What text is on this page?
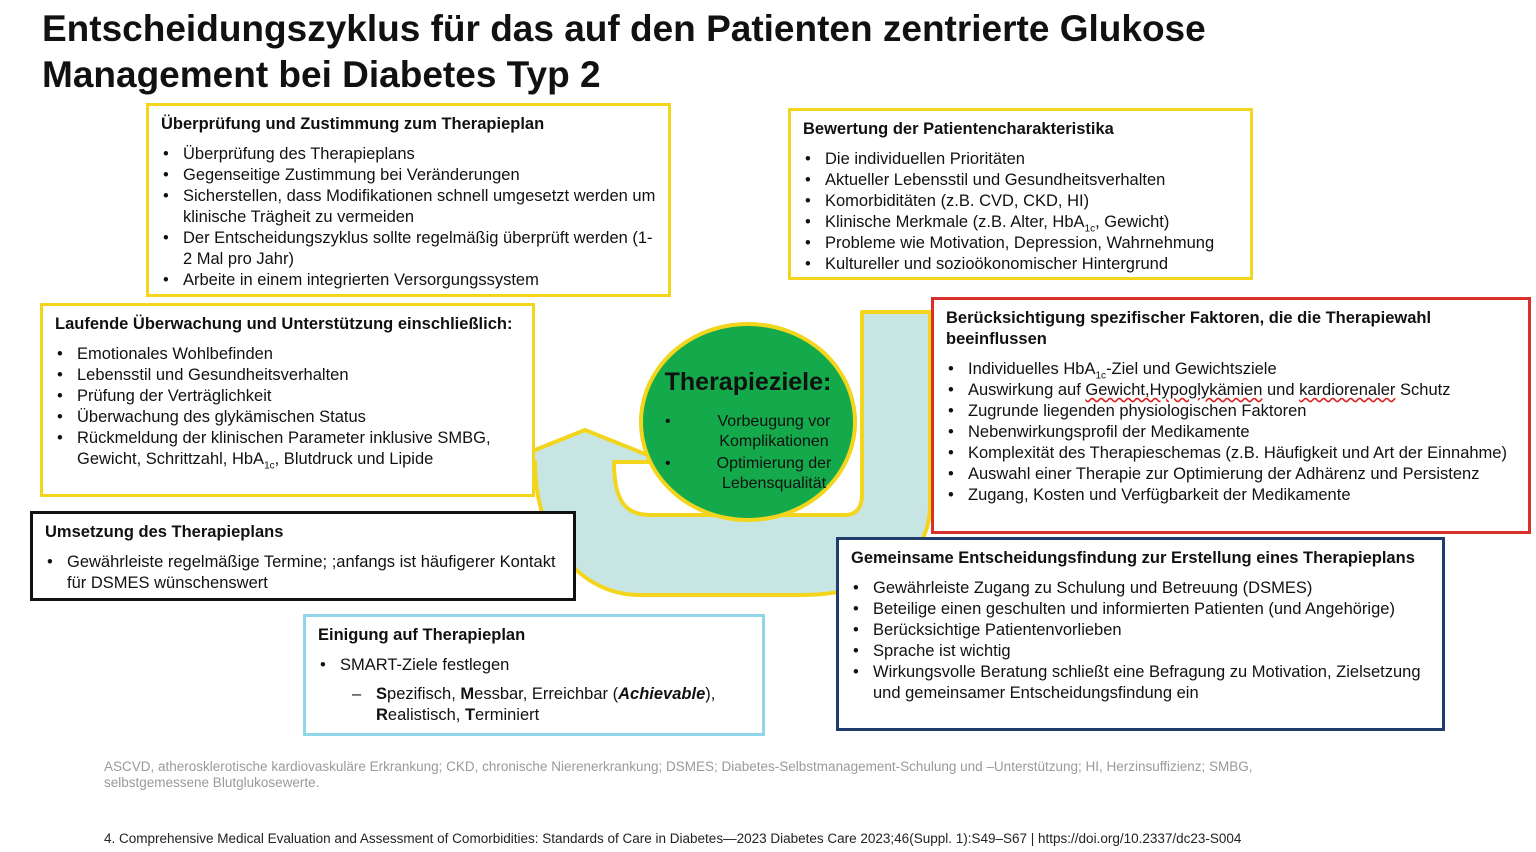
Entscheidungszyklus für das auf den Patienten zentrierte Glukose
Management bei Diabetes Typ 2
Überprüfung und Zustimmung zum Therapieplan
• Überprüfung des Therapieplans
• Gegenseitige Zustimmung bei Veränderungen
• Sicherstellen, dass Modifikationen schnell umgesetzt werden um klinische Trägheit zu vermeiden
• Der Entscheidungszyklus sollte regelmäßig überprüft werden (1-2 Mal pro Jahr)
• Arbeite in einem integrierten Versorgungssystem
Bewertung der Patientencharakteristika
• Die individuellen Prioritäten
• Aktueller Lebensstil und Gesundheitsverhalten
• Komorbiditäten (z.B. CVD, CKD, HI)
• Klinische Merkmale (z.B. Alter, HbA$_{1c}$, Gewicht)
• Probleme wie Motivation, Depression, Wahrnehmung
• Kultureller und sozioökonomischer Hintergrund
Laufende Überwachung und Unterstützung einschließlich:
• Emotionales Wohlbefinden
• Lebensstil und Gesundheitsverhalten
• Prüfung der Verträglichkeit
• Überwachung des glykämischen Status
• Rückmeldung der klinischen Parameter inklusive SMBG, Gewicht, Schrittzahl, HbA$_{1c}$, Blutdruck und Lipide
Berücksichtigung spezifischer Faktoren, die die Therapiewahl beeinflussen
• Individuelles HbA$_{1c}$-Ziel und Gewichtsziele
• Auswirkung auf Gewicht,Hypoglykämien und kardiorenaler Schutz
• Zugrunde liegenden physiologischen Faktoren
• Nebenwirkungsprofil der Medikamente
• Komplexität des Therapieschemas (z.B. Häufigkeit und Art der Einnahme)
• Auswahl einer Therapie zur Optimierung der Adhärenz und Persistenz
• Zugang, Kosten und Verfügbarkeit der Medikamente
Umsetzung des Therapieplans
• Gewährleiste regelmäßige Termine; ;anfangs ist häufigerer Kontakt für DSMES wünschenswert
Gemeinsame Entscheidungsfindung zur Erstellung eines Therapieplans
• Gewährleiste Zugang zu Schulung und Betreuung (DSMES)
• Beteilige einen geschulten und informierten Patienten (und Angehörige)
• Berücksichtige Patientenvorlieben
• Sprache ist wichtig
• Wirkungsvolle Beratung schließt eine Befragung zu Motivation, Zielsetzung und gemeinsamer Entscheidungsfindung ein
Einigung auf Therapieplan
• SMART-Ziele festlegen
– Spezifisch, Messbar, Erreichbar (Achievable),
Realistisch, Terminiert
Therapieziele:
• Vorbeugung vor Komplikationen
• Optimierung der Lebensqualität
ASCVD, atherosklerotische kardiovaskuläre Erkrankung; CKD, chronische Nierenerkrankung; DSMES; Diabetes-Selbstmanagement-Schulung und –Unterstützung; HI, Herzinsuffizienz; SMBG,
selbstgemessene Blutglukosewerte.
4. Comprehensive Medical Evaluation and Assessment of Comorbidities: Standards of Care in Diabetes—2023 Diabetes Care 2023;46(Suppl. 1):S49–S67 | https://doi.org/10.2337/dc23-S004
